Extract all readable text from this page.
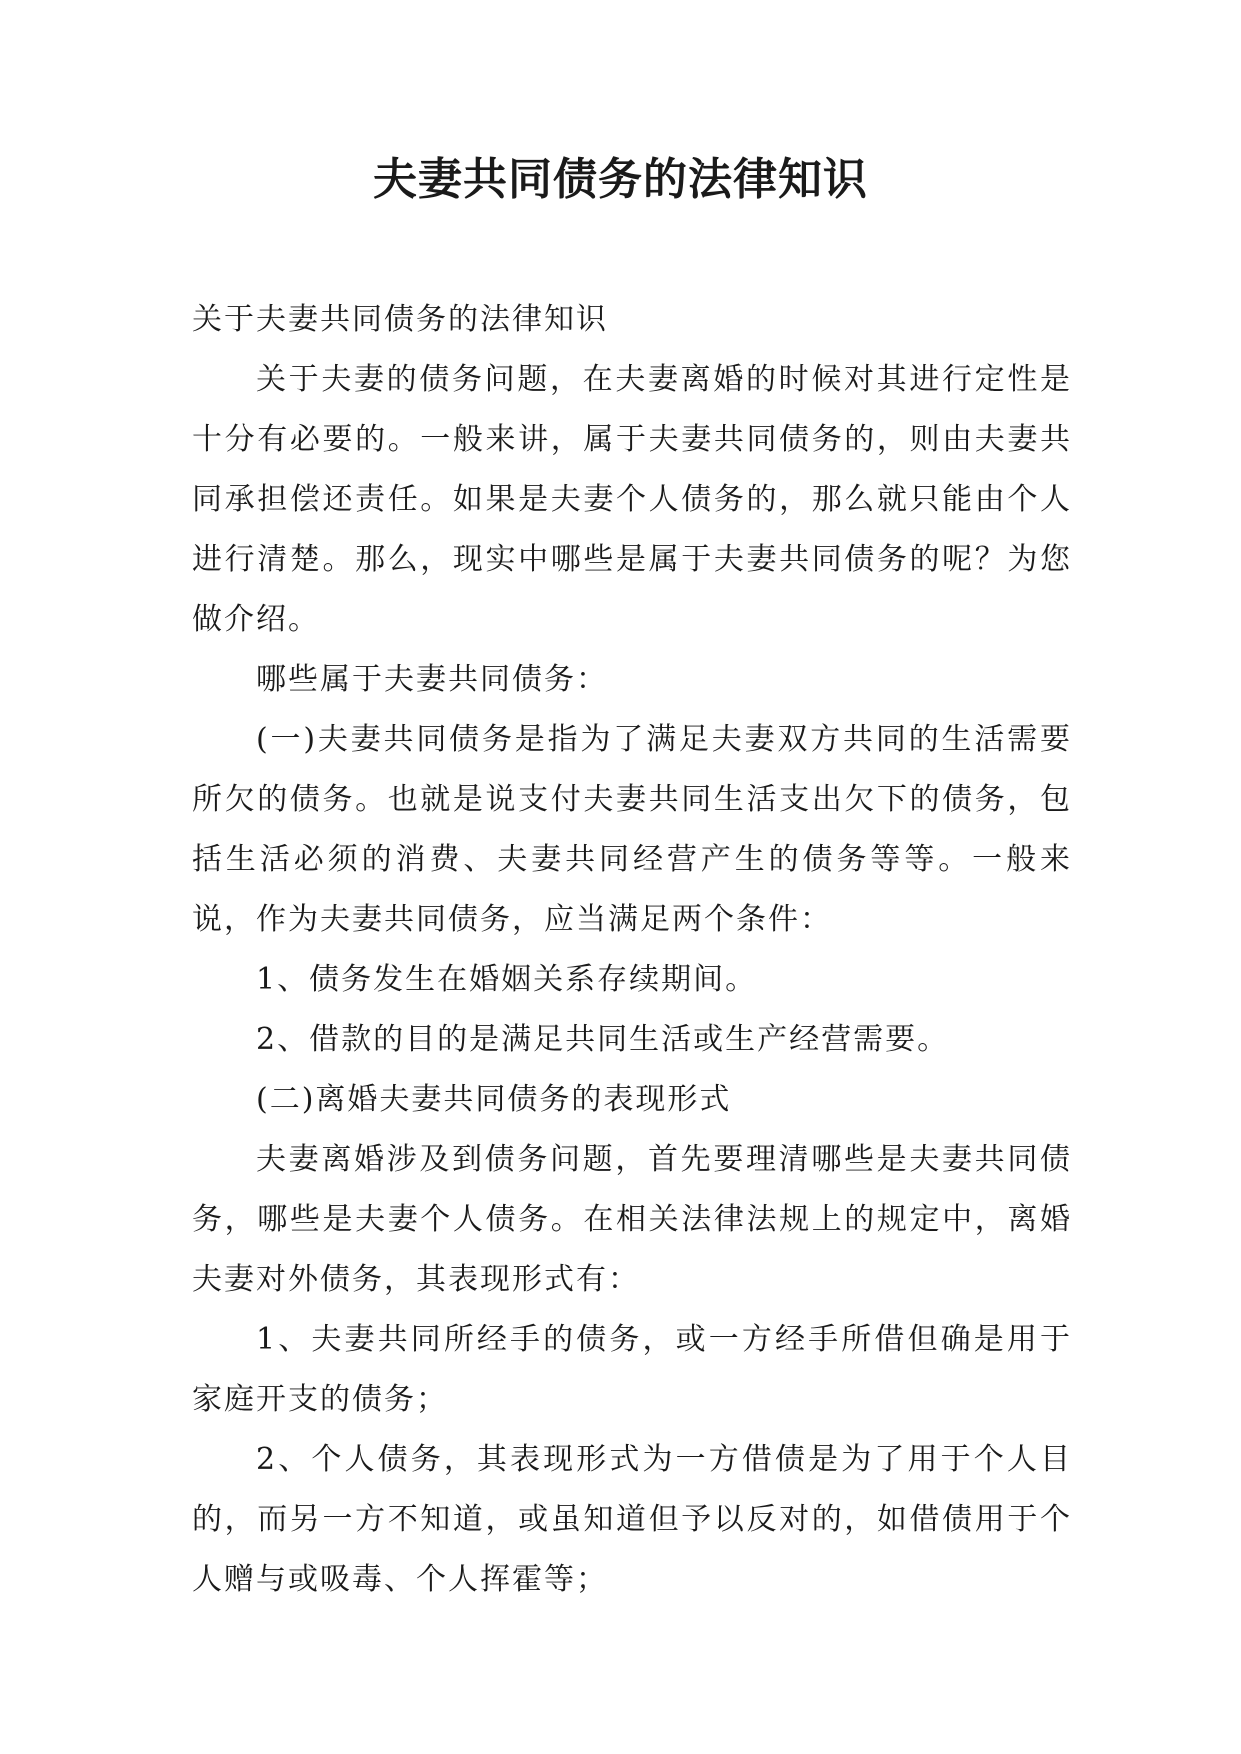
夫妻共同债务的法律知识

关于夫妻共同债务的法律知识

关于夫妻的债务问题，在夫妻离婚的时候对其进行定性是十分有必要的。一般来讲，属于夫妻共同债务的，则由夫妻共同承担偿还责任。如果是夫妻个人债务的，那么就只能由个人进行清楚。那么，现实中哪些是属于夫妻共同债务的呢？为您做介绍。

哪些属于夫妻共同债务：

(一)夫妻共同债务是指为了满足夫妻双方共同的生活需要所欠的债务。也就是说支付夫妻共同生活支出欠下的债务，包括生活必须的消费、夫妻共同经营产生的债务等等。一般来说，作为夫妻共同债务，应当满足两个条件：

1、债务发生在婚姻关系存续期间。

2、借款的目的是满足共同生活或生产经营需要。

(二)离婚夫妻共同债务的表现形式

夫妻离婚涉及到债务问题，首先要理清哪些是夫妻共同债务，哪些是夫妻个人债务。在相关法律法规上的规定中，离婚夫妻对外债务，其表现形式有：

1、夫妻共同所经手的债务，或一方经手所借但确是用于家庭开支的债务；

2、个人债务，其表现形式为一方借债是为了用于个人目的，而另一方不知道，或虽知道但予以反对的，如借债用于个人赠与或吸毒、个人挥霍等；
